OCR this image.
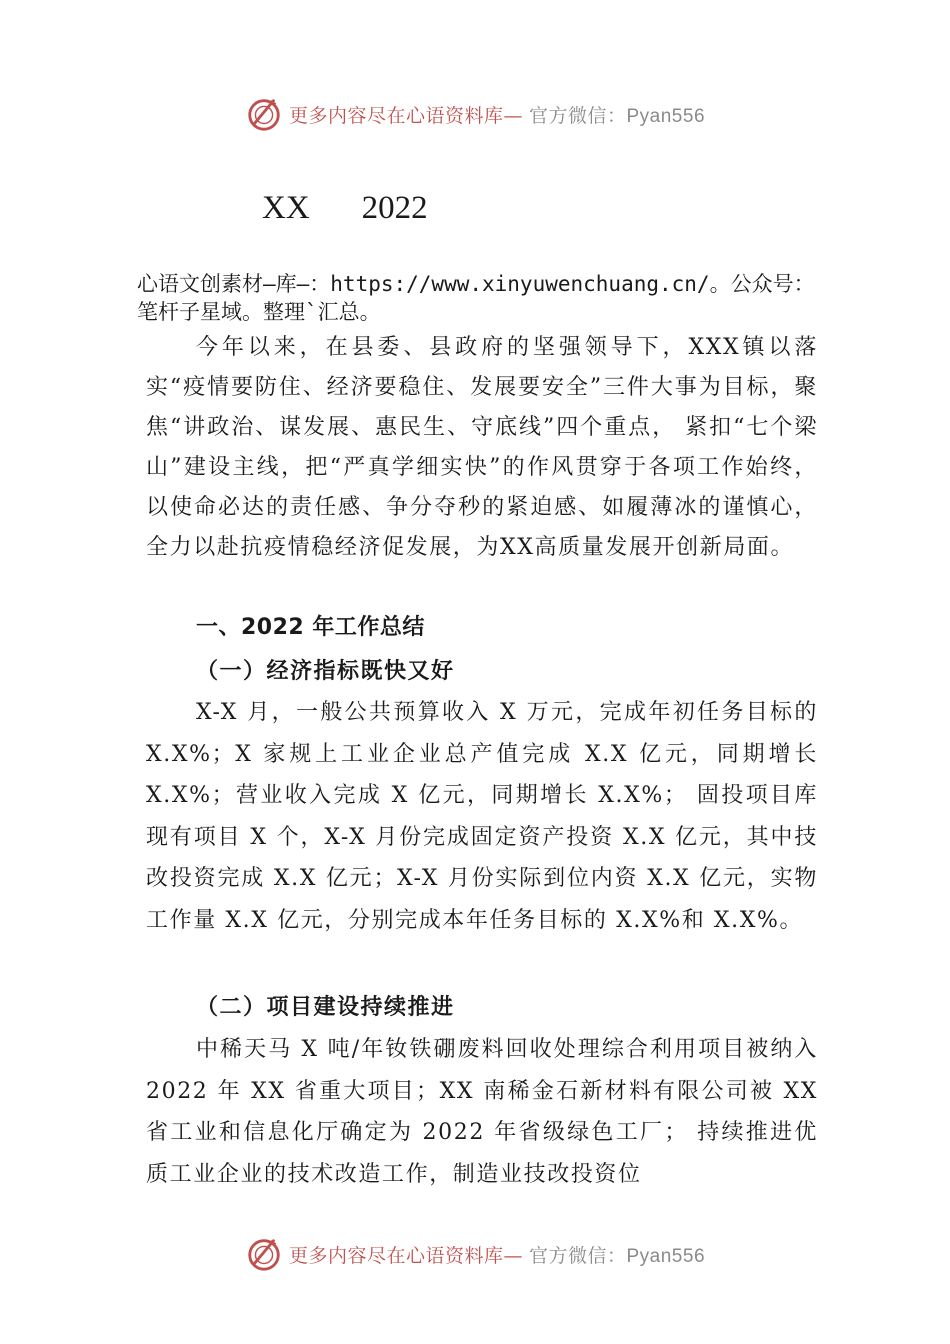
更多内容尽在心语资料库— 官方微信：Pyan556
XX 2022

心语文创素材—库—：https://www.xinyuwenchuang.cn/。公众号：笔杆子星域。整理`汇总。

今年以来，在县委、县政府的坚强领导下，XXX镇以落实“疫情要防住、经济要稳住、发展要安全”三件大事为目标，聚焦“讲政治、谋发展、惠民生、守底线”四个重点， 紧扣“七个梁山”建设主线，把“严真学细实快”的作风贯穿于各项工作始终，以使命必达的责任感、争分夺秒的紧迫感、如履薄冰的谨慎心，全力以赴抗疫情稳经济促发展，为XX高质量发展开创新局面。

一、2022 年工作总结
（一）经济指标既快又好

X-X 月，一般公共预算收入 X 万元，完成年初任务目标的 X.X%；X 家规上工业企业总产值完成 X.X 亿元，同期增长 X.X%；营业收入完成 X 亿元，同期增长 X.X%； 固投项目库现有项目 X 个，X-X 月份完成固定资产投资 X.X 亿元，其中技改投资完成 X.X 亿元；X-X 月份实际到位内资 X.X 亿元，实物工作量 X.X 亿元，分别完成本年任务目标的 X.X%和 X.X%。

（二）项目建设持续推进

中稀天马 X 吨/年钕铁硼废料回收处理综合利用项目被纳入 2022 年 XX 省重大项目；XX 南稀金石新材料有限公司被 XX 省工业和信息化厅确定为 2022 年省级绿色工厂； 持续推进优质工业企业的技术改造工作，制造业技改投资位

更多内容尽在心语资料库— 官方微信：Pyan556
